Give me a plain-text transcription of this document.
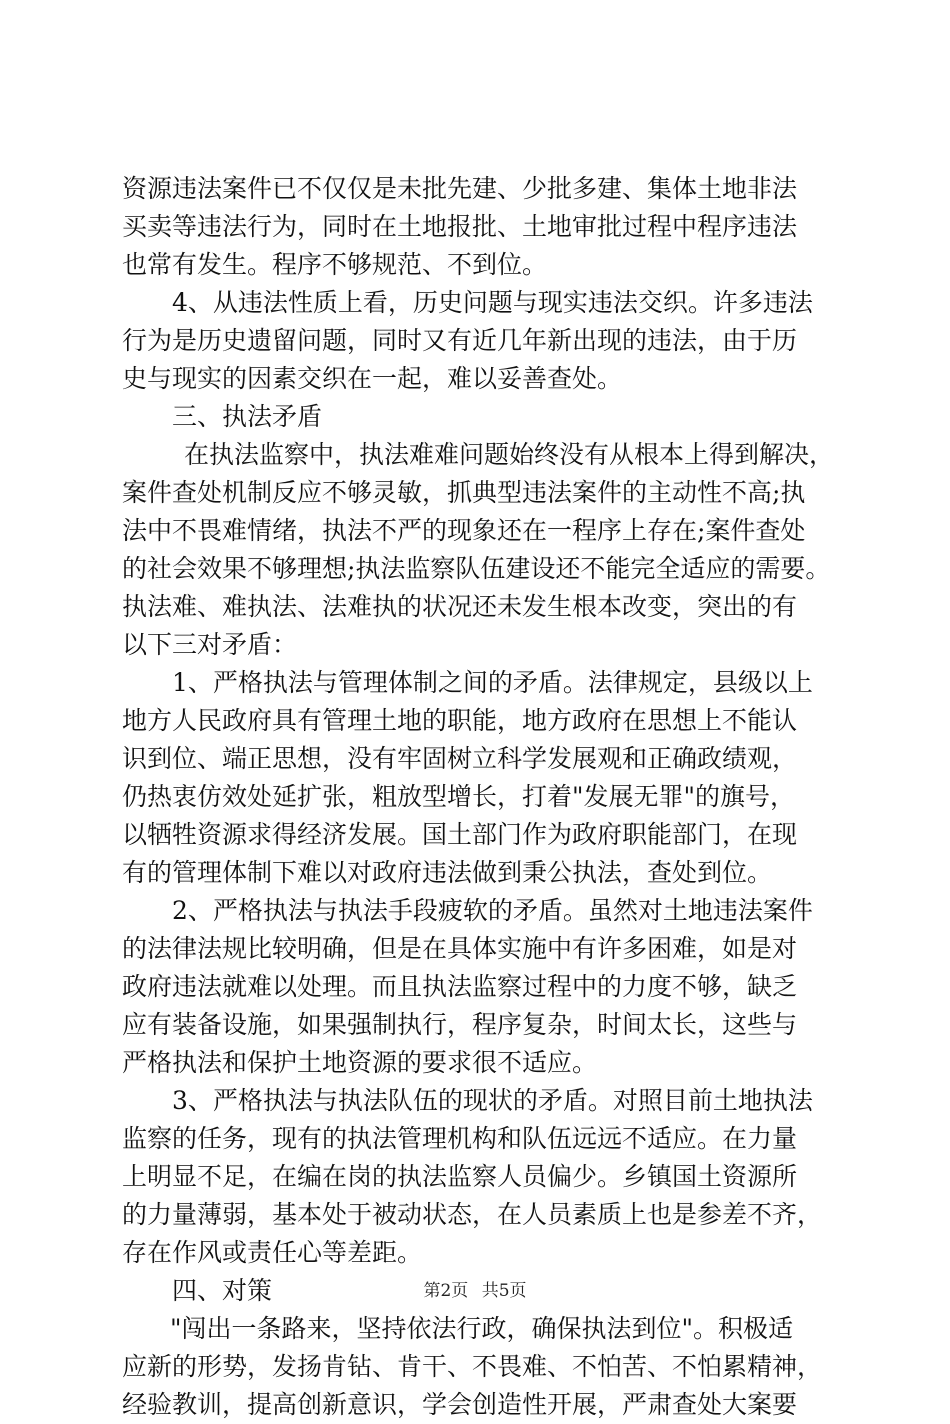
资源违法案件已不仅仅是未批先建、少批多建、集体土地非法
买卖等违法行为，同时在土地报批、土地审批过程中程序违法
也常有发生。程序不够规范、不到位。
4、从违法性质上看，历史问题与现实违法交织。许多违法
行为是历史遗留问题，同时又有近几年新出现的违法，由于历
史与现实的因素交织在一起，难以妥善查处。
三、执法矛盾
在执法监察中，执法难难问题始终没有从根本上得到解决，
案件查处机制反应不够灵敏，抓典型违法案件的主动性不高;执
法中不畏难情绪，执法不严的现象还在一程序上存在;案件查处
的社会效果不够理想;执法监察队伍建设还不能完全适应的需要。
执法难、难执法、法难执的状况还未发生根本改变，突出的有
以下三对矛盾：
1、严格执法与管理体制之间的矛盾。法律规定，县级以上
地方人民政府具有管理土地的职能，地方政府在思想上不能认
识到位、端正思想，没有牢固树立科学发展观和正确政绩观，
仍热衷仿效处延扩张，粗放型增长，打着"发展无罪"的旗号，
以牺牲资源求得经济发展。国土部门作为政府职能部门，在现
有的管理体制下难以对政府违法做到秉公执法，查处到位。
2、严格执法与执法手段疲软的矛盾。虽然对土地违法案件
的法律法规比较明确，但是在具体实施中有许多困难，如是对
政府违法就难以处理。而且执法监察过程中的力度不够，缺乏
应有装备设施，如果强制执行，程序复杂，时间太长，这些与
严格执法和保护土地资源的要求很不适应。
3、严格执法与执法队伍的现状的矛盾。对照目前土地执法
监察的任务，现有的执法管理机构和队伍远远不适应。在力量
上明显不足，在编在岗的执法监察人员偏少。乡镇国土资源所
的力量薄弱，基本处于被动状态，在人员素质上也是参差不齐，
存在作风或责任心等差距。
四、对策
"闯出一条路来，坚持依法行政，确保执法到位"。积极适
应新的形势，发扬肯钻、肯干、不畏难、不怕苦、不怕累精神，
经验教训，提高创新意识，学会创造性开展，严肃查处大案要
第2页 共5页
